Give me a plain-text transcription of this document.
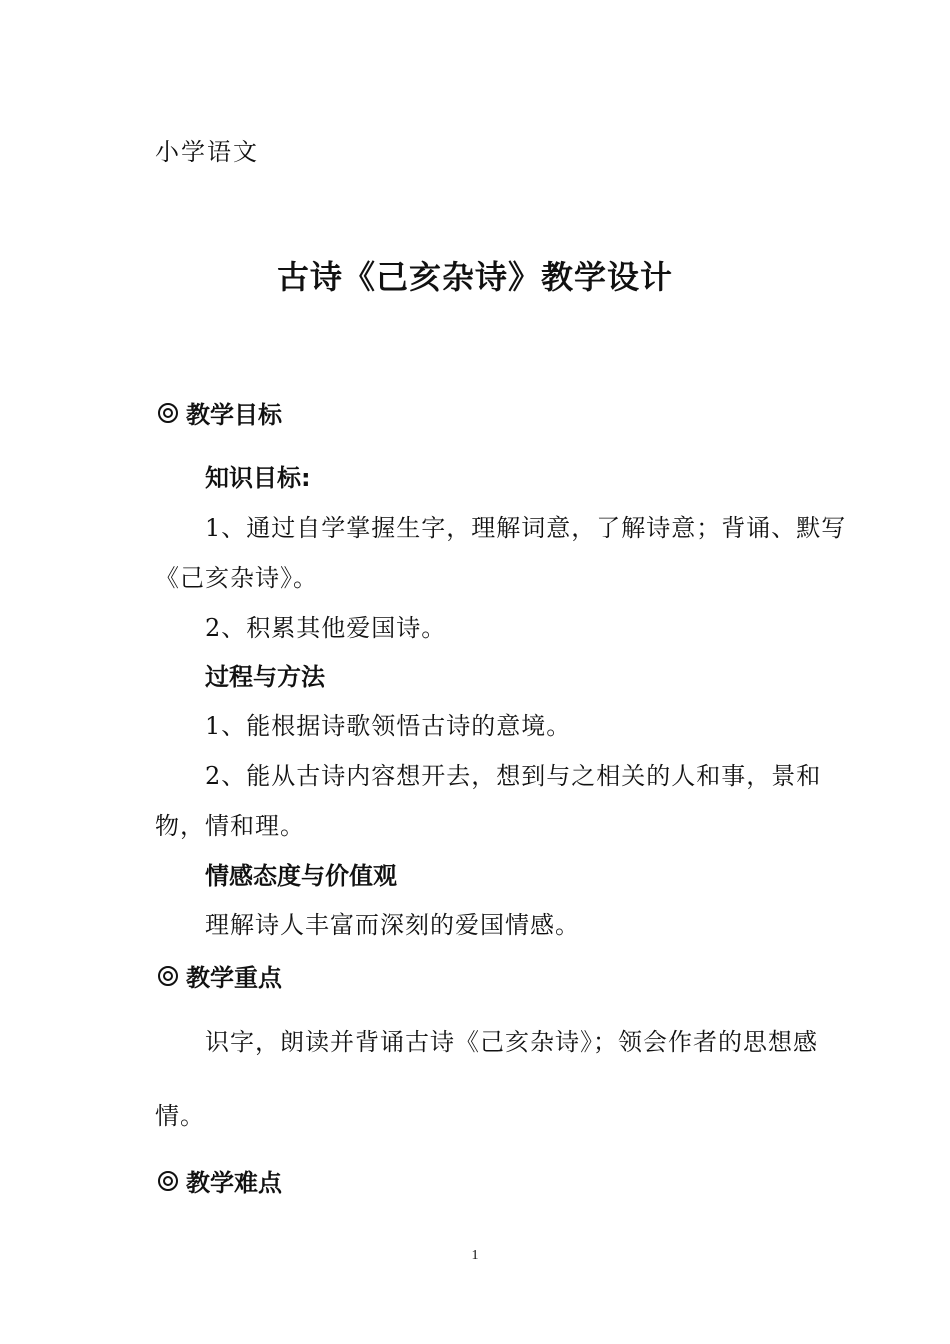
小学语文
古诗《己亥杂诗》教学设计
教学目标
知识目标:
1、通过自学掌握生字，理解词意，了解诗意；背诵、默写
《己亥杂诗》。
2、积累其他爱国诗。
过程与方法
1、能根据诗歌领悟古诗的意境。
2、能从古诗内容想开去，想到与之相关的人和事，景和
物，情和理。
情感态度与价值观
理解诗人丰富而深刻的爱国情感。
教学重点
识字，朗读并背诵古诗《己亥杂诗》；领会作者的思想感
情。
教学难点
1
